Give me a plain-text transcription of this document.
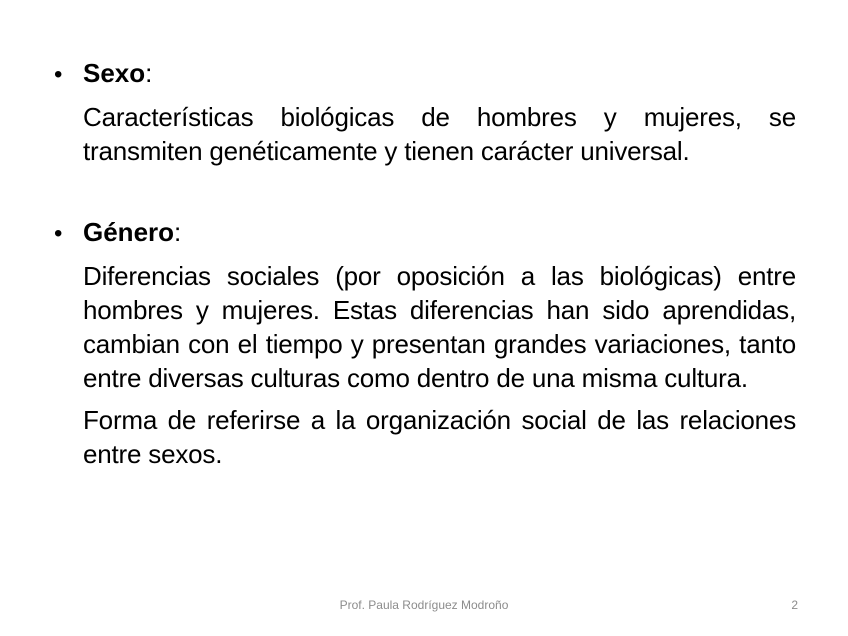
• Sexo:
Características biológicas de hombres y mujeres, se transmiten genéticamente y tienen carácter universal.
• Género:
Diferencias sociales (por oposición a las biológicas) entre hombres y mujeres. Estas diferencias han sido aprendidas, cambian con el tiempo y presentan grandes variaciones, tanto entre diversas culturas como dentro de una misma cultura.
Forma de referirse a la organización social de las relaciones entre sexos.
Prof. Paula Rodríguez Modroño	2
